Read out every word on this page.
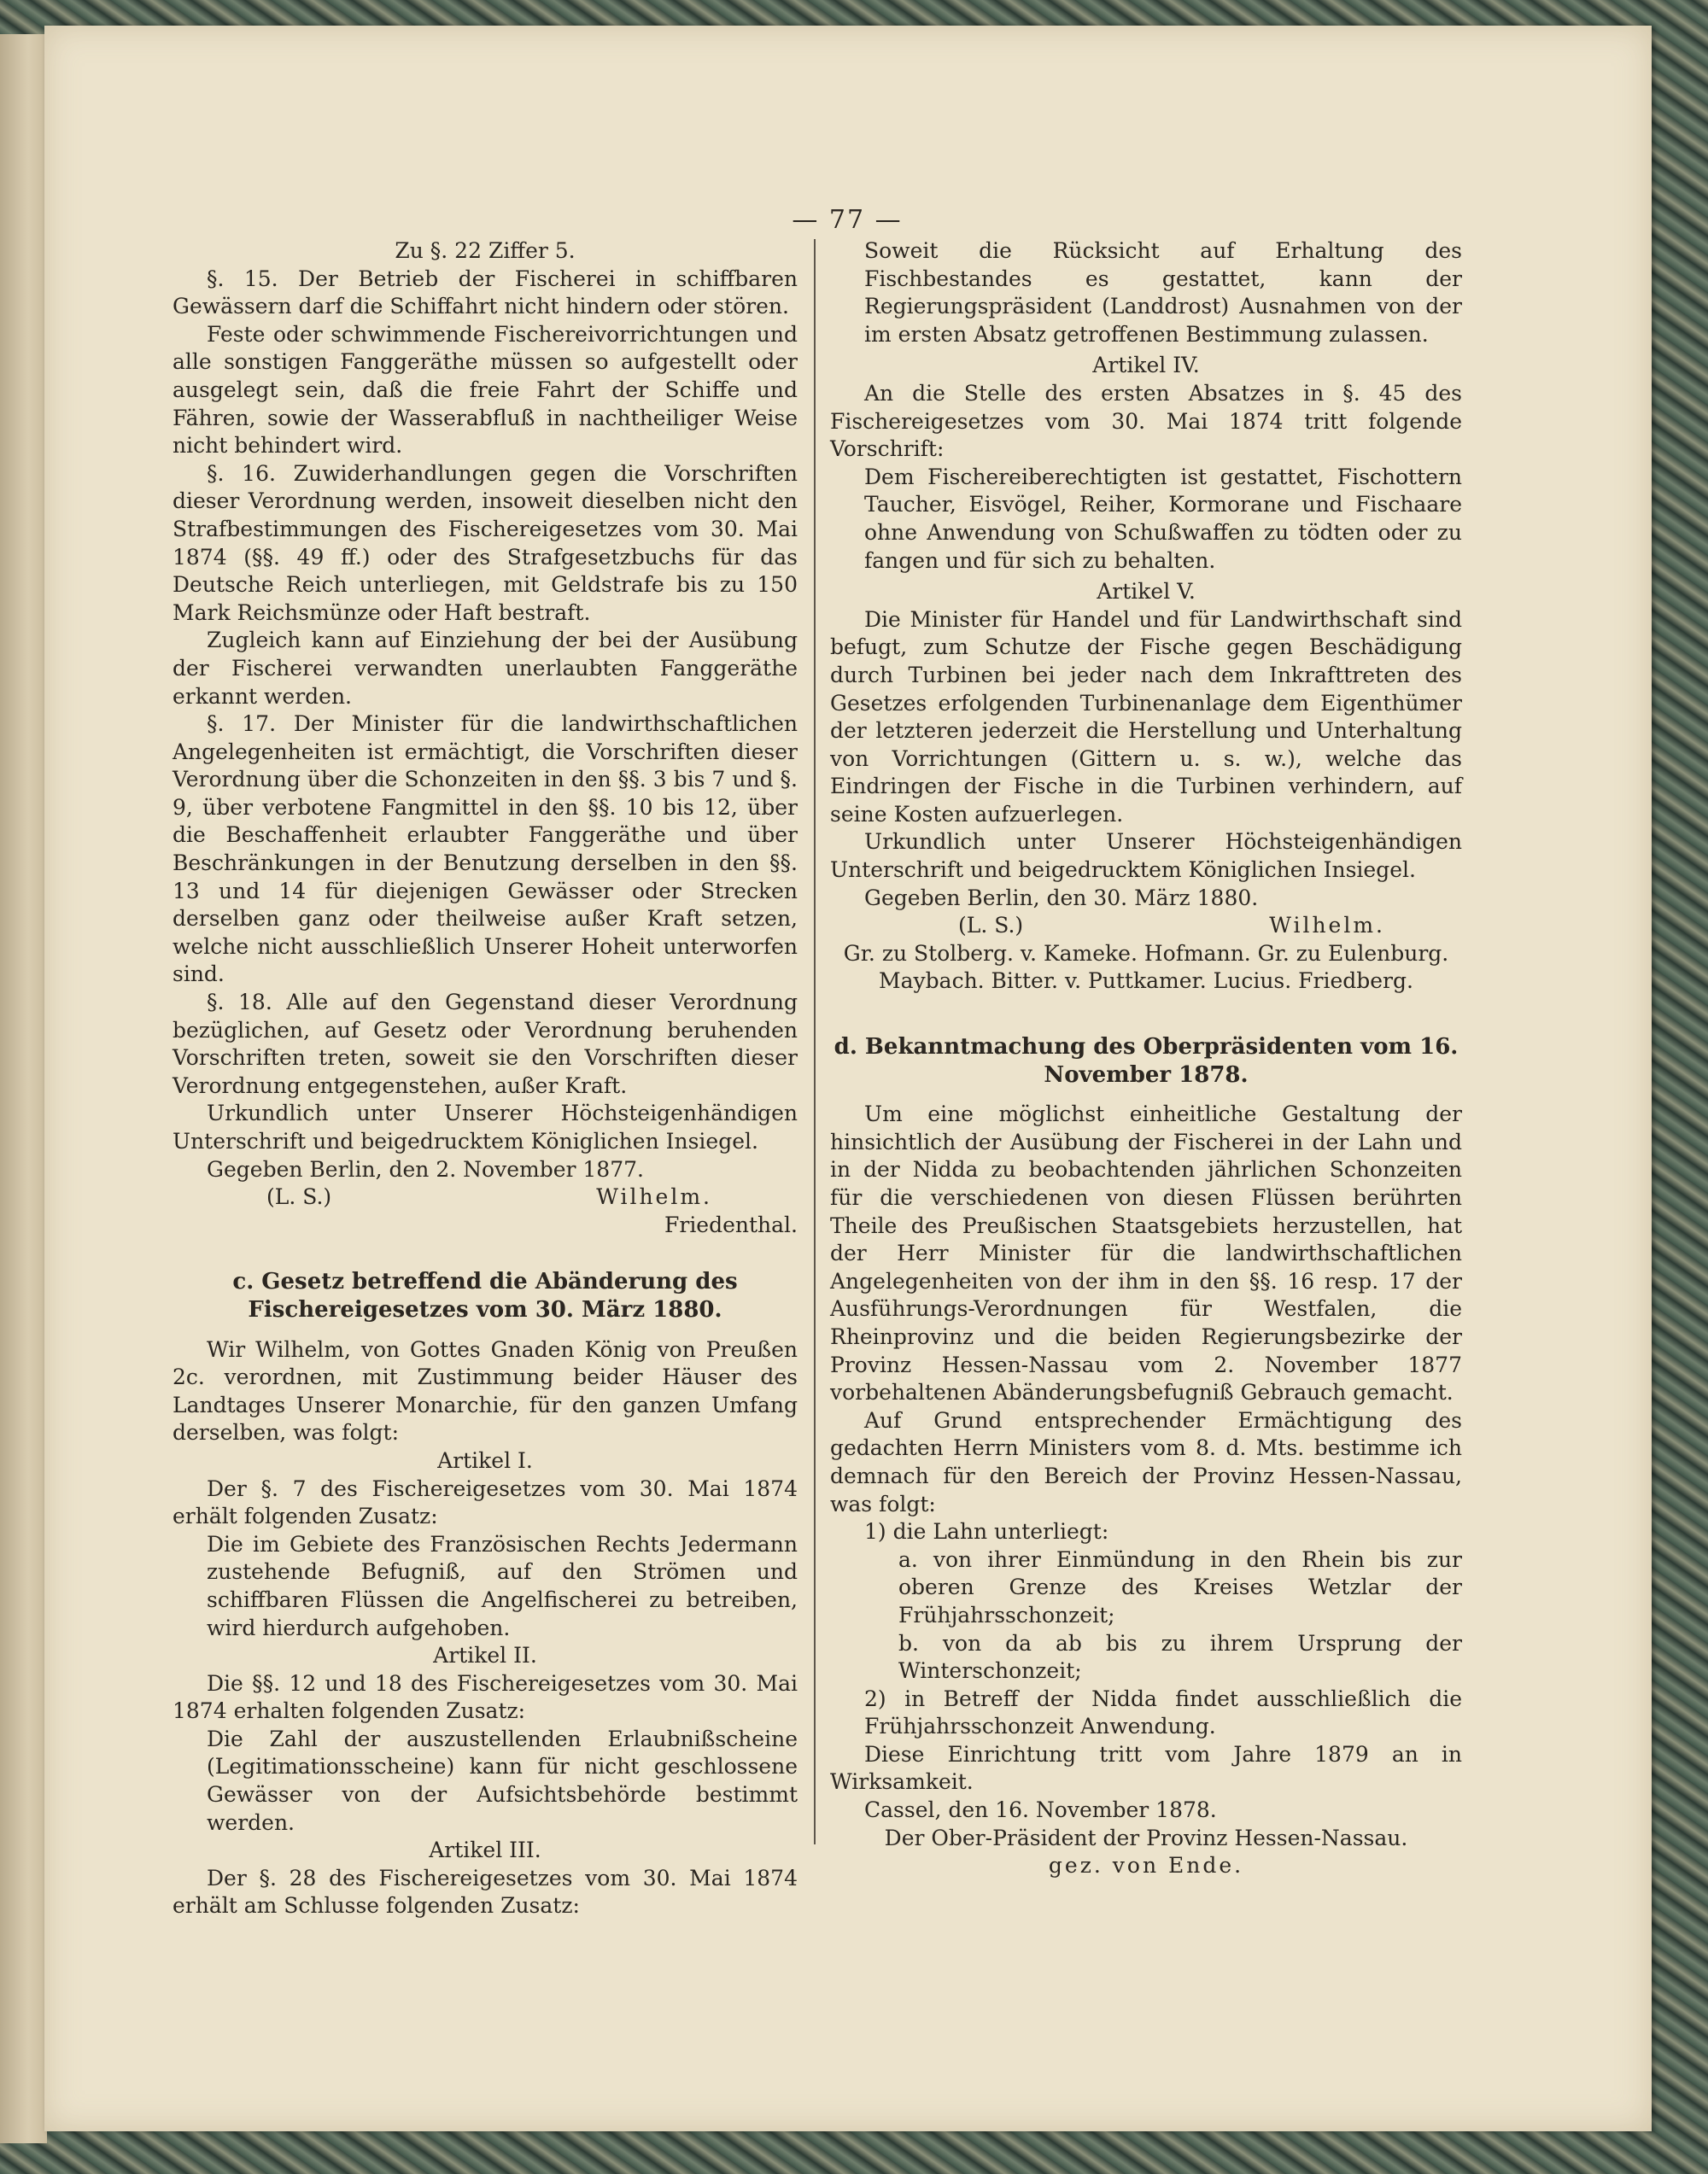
— 77 —

Zu §. 22 Ziffer 5.

§. 15. Der Betrieb der Fischerei in schiffbaren Gewässern darf die Schiffahrt nicht hindern oder stören.

Feste oder schwimmende Fischereivorrichtungen und alle sonstigen Fanggeräthe müssen so aufgestellt oder ausgelegt sein, daß die freie Fahrt der Schiffe und Fähren, sowie der Wasserabfluß in nachtheiliger Weise nicht behindert wird.

§. 16. Zuwiderhandlungen gegen die Vorschriften dieser Verordnung werden, insoweit dieselben nicht den Strafbestimmungen des Fischereigesetzes vom 30. Mai 1874 (§§. 49 ff.) oder des Strafgesetzbuchs für das Deutsche Reich unterliegen, mit Geldstrafe bis zu 150 Mark Reichsmünze oder Haft bestraft.

Zugleich kann auf Einziehung der bei der Ausübung der Fischerei verwandten unerlaubten Fanggeräthe erkannt werden.

§. 17. Der Minister für die landwirthschaftlichen Angelegenheiten ist ermächtigt, die Vorschriften dieser Verordnung über die Schonzeiten in den §§. 3 bis 7 und §. 9, über verbotene Fangmittel in den §§. 10 bis 12, über die Beschaffenheit erlaubter Fanggeräthe und über Beschränkungen in der Benutzung derselben in den §§. 13 und 14 für diejenigen Gewässer oder Strecken derselben ganz oder theilweise außer Kraft setzen, welche nicht ausschließlich Unserer Hoheit unterworfen sind.

§. 18. Alle auf den Gegenstand dieser Verordnung bezüglichen, auf Gesetz oder Verordnung beruhenden Vorschriften treten, soweit sie den Vorschriften dieser Verordnung entgegenstehen, außer Kraft.

Urkundlich unter Unserer Höchsteigenhändigen Unterschrift und beigedrucktem Königlichen Insiegel.

Gegeben Berlin, den 2. November 1877.

(L. S.)	Wilhelm.

Friedenthal.

c. Gesetz betreffend die Abänderung des Fischereigesetzes vom 30. März 1880.

Wir Wilhelm, von Gottes Gnaden König von Preußen 2c. verordnen, mit Zustimmung beider Häuser des Landtages Unserer Monarchie, für den ganzen Umfang derselben, was folgt:

Artikel I.

Der §. 7 des Fischereigesetzes vom 30. Mai 1874 erhält folgenden Zusatz:

Die im Gebiete des Französischen Rechts Jedermann zustehende Befugniß, auf den Strömen und schiffbaren Flüssen die Angelfischerei zu betreiben, wird hierdurch aufgehoben.

Artikel II.

Die §§. 12 und 18 des Fischereigesetzes vom 30. Mai 1874 erhalten folgenden Zusatz:

Die Zahl der auszustellenden Erlaubnißscheine (Legitimationsscheine) kann für nicht geschlossene Gewässer von der Aufsichtsbehörde bestimmt werden.

Artikel III.

Der §. 28 des Fischereigesetzes vom 30. Mai 1874 erhält am Schlusse folgenden Zusatz:

Soweit die Rücksicht auf Erhaltung des Fischbestandes es gestattet, kann der Regierungspräsident (Landdrost) Ausnahmen von der im ersten Absatz getroffenen Bestimmung zulassen.

Artikel IV.

An die Stelle des ersten Absatzes in §. 45 des Fischereigesetzes vom 30. Mai 1874 tritt folgende Vorschrift:

Dem Fischereiberechtigten ist gestattet, Fischottern Taucher, Eisvögel, Reiher, Kormorane und Fischaare ohne Anwendung von Schußwaffen zu tödten oder zu fangen und für sich zu behalten.

Artikel V.

Die Minister für Handel und für Landwirthschaft sind befugt, zum Schutze der Fische gegen Beschädigung durch Turbinen bei jeder nach dem Inkrafttreten des Gesetzes erfolgenden Turbinenanlage dem Eigenthümer der letzteren jederzeit die Herstellung und Unterhaltung von Vorrichtungen (Gittern u. s. w.), welche das Eindringen der Fische in die Turbinen verhindern, auf seine Kosten aufzuerlegen.

Urkundlich unter Unserer Höchsteigenhändigen Unterschrift und beigedrucktem Königlichen Insiegel.

Gegeben Berlin, den 30. März 1880.

(L. S.)	Wilhelm.

Gr. zu Stolberg. v. Kameke. Hofmann. Gr. zu Eulenburg.

Maybach. Bitter. v. Puttkamer. Lucius. Friedberg.

d. Bekanntmachung des Oberpräsidenten vom 16. November 1878.

Um eine möglichst einheitliche Gestaltung der hinsichtlich der Ausübung der Fischerei in der Lahn und in der Nidda zu beobachtenden jährlichen Schonzeiten für die verschiedenen von diesen Flüssen berührten Theile des Preußischen Staatsgebiets herzustellen, hat der Herr Minister für die landwirthschaftlichen Angelegenheiten von der ihm in den §§. 16 resp. 17 der Ausführungs-Verordnungen für Westfalen, die Rheinprovinz und die beiden Regierungsbezirke der Provinz Hessen-Nassau vom 2. November 1877 vorbehaltenen Abänderungsbefugniß Gebrauch gemacht.

Auf Grund entsprechender Ermächtigung des gedachten Herrn Ministers vom 8. d. Mts. bestimme ich demnach für den Bereich der Provinz Hessen-Nassau, was folgt:

1) die Lahn unterliegt:

a. von ihrer Einmündung in den Rhein bis zur oberen Grenze des Kreises Wetzlar der Frühjahrsschonzeit;

b. von da ab bis zu ihrem Ursprung der Winterschonzeit;

2) in Betreff der Nidda findet ausschließlich die Frühjahrsschonzeit Anwendung.

Diese Einrichtung tritt vom Jahre 1879 an in Wirksamkeit.

Cassel, den 16. November 1878.

Der Ober-Präsident der Provinz Hessen-Nassau.

gez. von Ende.
